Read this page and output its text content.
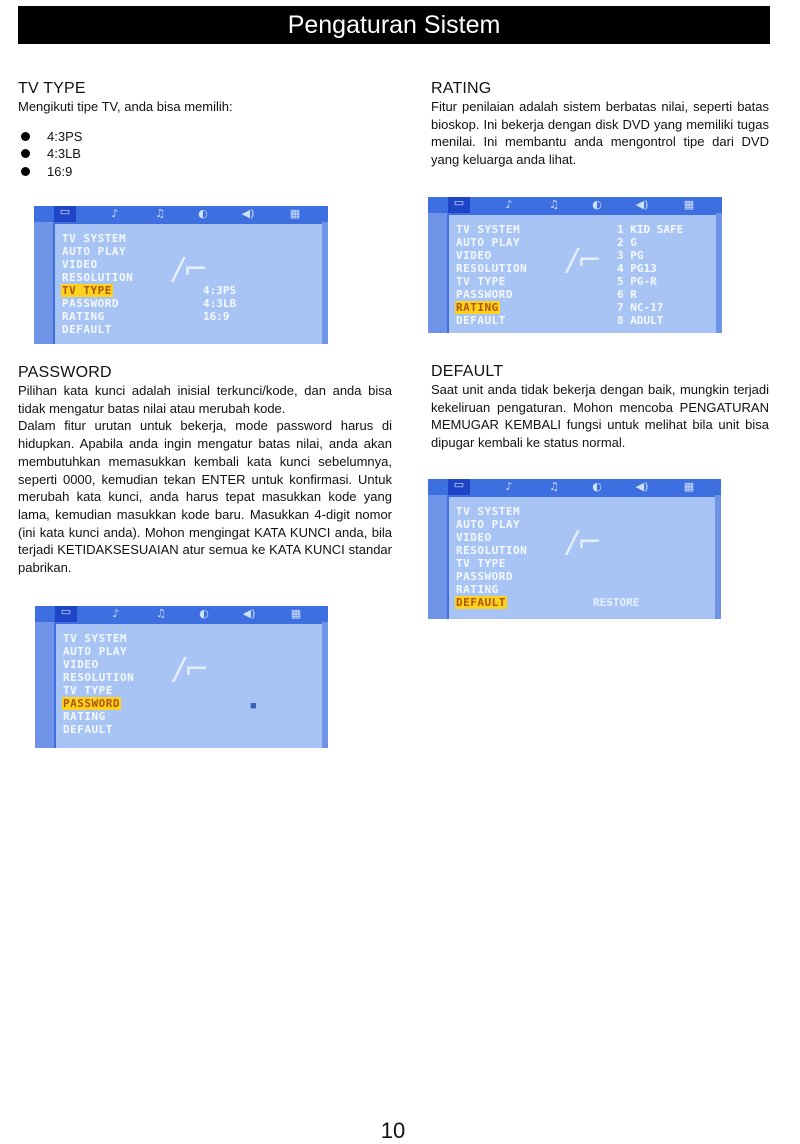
Pengaturan Sistem
TV TYPE

Mengikuti tipe TV, anda bisa memilih:

4:3PS
4:3LB
16:9
▭	♪	♫	◐	◀)	▦
/⌐
TV SYSTEM
AUTO PLAY
VIDEO
RESOLUTION
TV TYPE
PASSWORD
RATING
DEFAULT
4:3PS
4:3LB
16:9
RATING

Fitur penilaian adalah sistem berbatas nilai, seperti batas bioskop. Ini bekerja dengan disk DVD yang memiliki tugas menilai. Ini membantu anda mengontrol tipe dari DVD yang keluarga anda lihat.

▭	♪	♫	◐	◀)	▦
/⌐
TV SYSTEM
AUTO PLAY
VIDEO
RESOLUTION
TV TYPE
PASSWORD
RATING
DEFAULT
1 KID SAFE
2 G
3 PG
4 PG13
5 PG-R
6 R
7 NC-17
8 ADULT
PASSWORD

Pilihan kata kunci adalah inisial terkunci/kode, dan anda bisa tidak mengatur batas nilai atau merubah kode.

Dalam fitur urutan untuk bekerja, mode password harus di hidupkan. Apabila anda ingin mengatur batas nilai, anda akan membutuhkan memasukkan kembali kata kunci sebelumnya, seperti 0000, kemudian tekan ENTER untuk konfirmasi. Untuk merubah kata kunci, anda harus tepat masukkan kode yang lama, kemudian masukkan kode baru. Masukkan 4-digit nomor (ini kata kunci anda). Mohon mengingat KATA KUNCI anda, bila terjadi KETIDAKSESUAIAN atur semua ke KATA KUNCI standar pabrikan.

▭	♪	♫	◐	◀)	▦
/⌐
TV SYSTEM
AUTO PLAY
VIDEO
RESOLUTION
TV TYPE
PASSWORD
RATING
DEFAULT
■
DEFAULT

Saat unit anda tidak bekerja dengan baik, mungkin terjadi kekeliruan pengaturan. Mohon mencoba PENGATURAN MEMUGAR KEMBALI fungsi untuk melihat bila unit bisa dipugar kembali ke status normal.

▭	♪	♫	◐	◀)	▦
/⌐
TV SYSTEM
AUTO PLAY
VIDEO
RESOLUTION
TV TYPE
PASSWORD
RATING
DEFAULT	RESTORE
10
